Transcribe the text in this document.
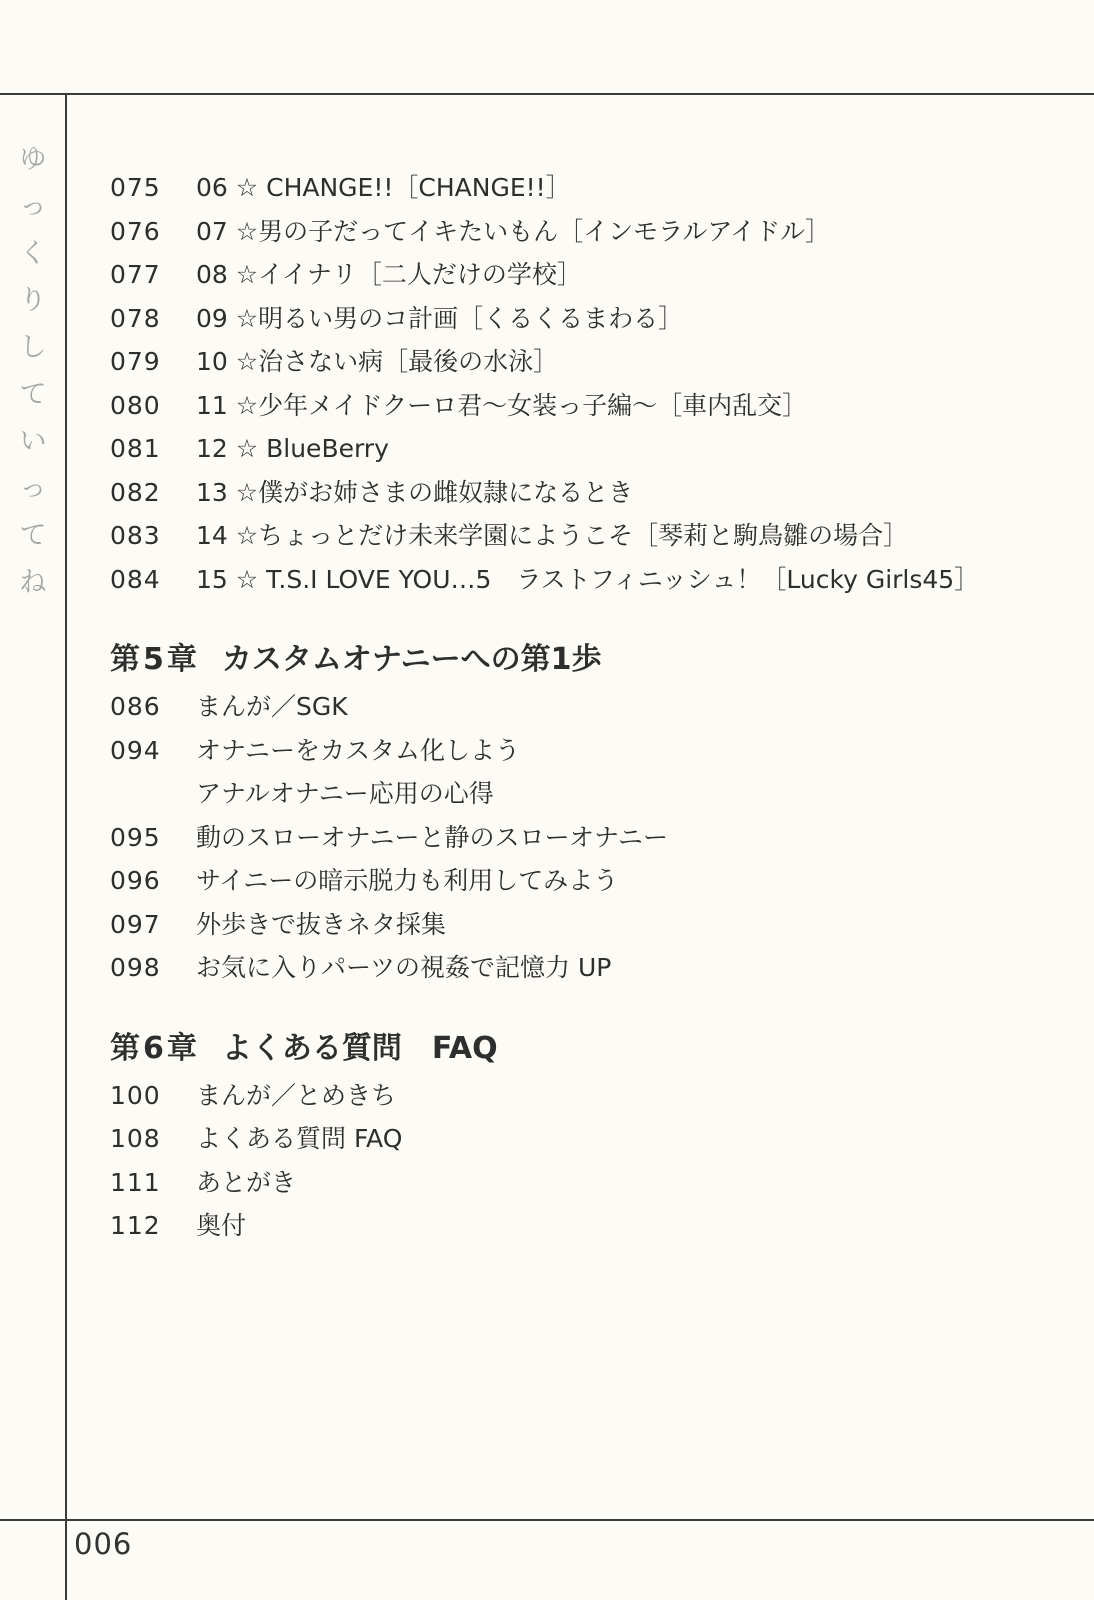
ゆ
っ
く
り
し
て
い
っ
て
ね
075	06 ☆ CHANGE!!［CHANGE!!］
076	07 ☆男の子だってイキたいもん［インモラルアイドル］
077	08 ☆イイナリ［二人だけの学校］
078	09 ☆明るい男のコ計画［くるくるまわる］
079	10 ☆治さない病［最後の水泳］
080	11 ☆少年メイドクーロ君〜女装っ子編〜［車内乱交］
081	12 ☆ BlueBerry
082	13 ☆僕がお姉さまの雌奴隷になるとき
083	14 ☆ちょっとだけ未来学園にようこそ［琴莉と駒鳥雛の場合］
084	15 ☆ T.S.I LOVE YOU…5　ラストフィニッシュ！［Lucky Girls45］
第5章 カスタムオナニーへの第1歩
086	まんが／SGK
094	オナニーをカスタム化しよう
アナルオナニー応用の心得
095	動のスローオナニーと静のスローオナニー
096	サイニーの暗示脱力も利用してみよう
097	外歩きで抜きネタ採集
098	お気に入りパーツの視姦で記憶力 UP
第6章 よくある質問　FAQ
100	まんが／とめきち
108	よくある質問 FAQ
111	あとがき
112	奥付
006
